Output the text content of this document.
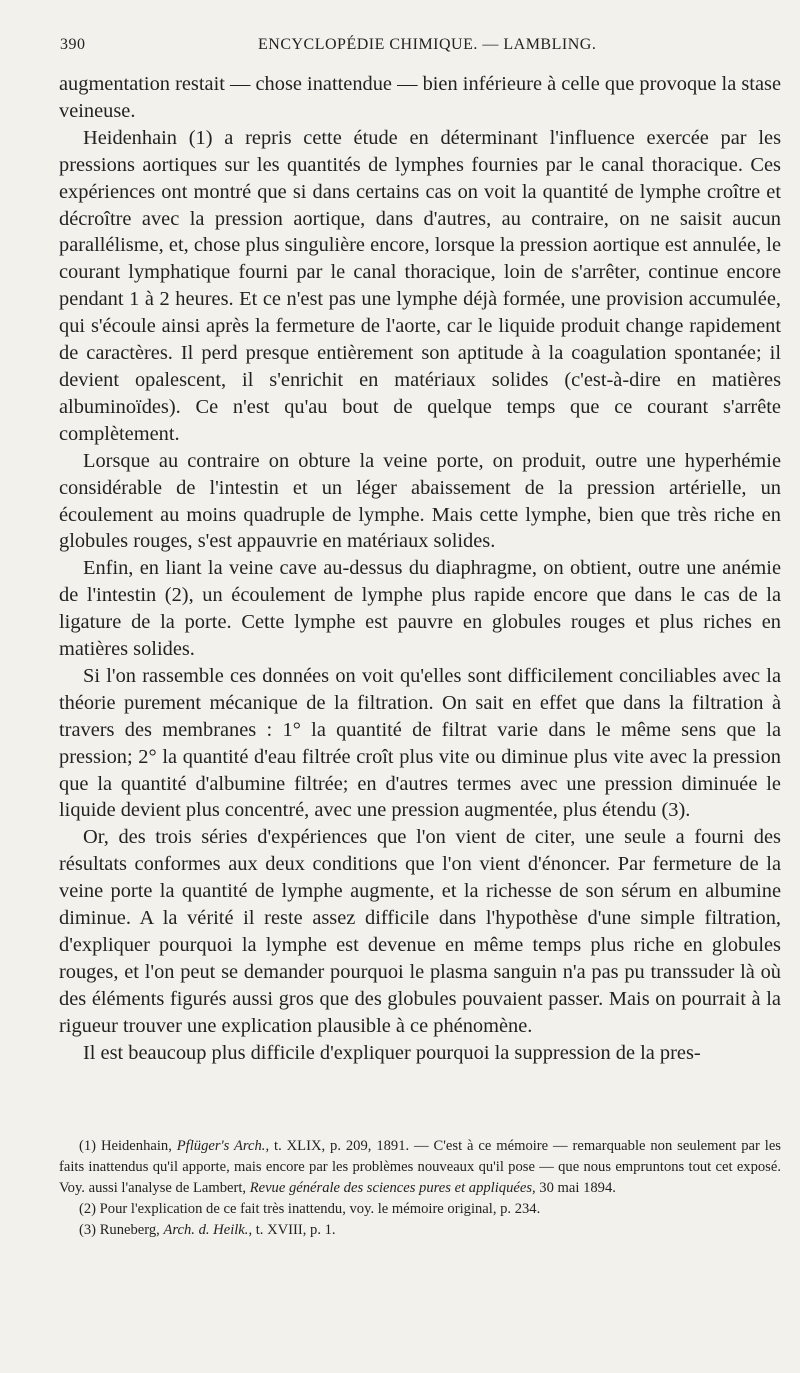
390	ENCYCLOPÉDIE CHIMIQUE. — LAMBLING.

augmentation restait — chose inattendue — bien inférieure à celle que provoque la stase veineuse.

Heidenhain (1) a repris cette étude en déterminant l'influence exercée par les pressions aortiques sur les quantités de lymphes fournies par le canal thoracique. Ces expériences ont montré que si dans certains cas on voit la quantité de lymphe croître et décroître avec la pression aortique, dans d'autres, au contraire, on ne saisit aucun parallélisme, et, chose plus singulière encore, lorsque la pression aortique est annulée, le courant lymphatique fourni par le canal thoracique, loin de s'arrêter, continue encore pendant 1 à 2 heures. Et ce n'est pas une lymphe déjà formée, une provision accumulée, qui s'écoule ainsi après la fermeture de l'aorte, car le liquide produit change rapidement de caractères. Il perd presque entièrement son aptitude à la coagulation spontanée; il devient opalescent, il s'enrichit en matériaux solides (c'est-à-dire en matières albuminoïdes). Ce n'est qu'au bout de quelque temps que ce courant s'arrête complètement.

Lorsque au contraire on obture la veine porte, on produit, outre une hyperhémie considérable de l'intestin et un léger abaissement de la pression artérielle, un écoulement au moins quadruple de lymphe. Mais cette lymphe, bien que très riche en globules rouges, s'est appauvrie en matériaux solides.

Enfin, en liant la veine cave au-dessus du diaphragme, on obtient, outre une anémie de l'intestin (2), un écoulement de lymphe plus rapide encore que dans le cas de la ligature de la porte. Cette lymphe est pauvre en globules rouges et plus riches en matières solides.

Si l'on rassemble ces données on voit qu'elles sont difficilement conciliables avec la théorie purement mécanique de la filtration. On sait en effet que dans la filtration à travers des membranes : 1° la quantité de filtrat varie dans le même sens que la pression; 2° la quantité d'eau filtrée croît plus vite ou diminue plus vite avec la pression que la quantité d'albumine filtrée; en d'autres termes avec une pression diminuée le liquide devient plus concentré, avec une pression augmentée, plus étendu (3).

Or, des trois séries d'expériences que l'on vient de citer, une seule a fourni des résultats conformes aux deux conditions que l'on vient d'énoncer. Par fermeture de la veine porte la quantité de lymphe augmente, et la richesse de son sérum en albumine diminue. A la vérité il reste assez difficile dans l'hypothèse d'une simple filtration, d'expliquer pourquoi la lymphe est devenue en même temps plus riche en globules rouges, et l'on peut se demander pourquoi le plasma sanguin n'a pas pu transsuder là où des éléments figurés aussi gros que des globules pouvaient passer. Mais on pourrait à la rigueur trouver une explication plausible à ce phénomène.

Il est beaucoup plus difficile d'expliquer pourquoi la suppression de la pres-

(1) Heidenhain, Pflüger's Arch., t. XLIX, p. 209, 1891. — C'est à ce mémoire — remarquable non seulement par les faits inattendus qu'il apporte, mais encore par les problèmes nouveaux qu'il pose — que nous empruntons tout cet exposé. Voy. aussi l'analyse de Lambert, Revue générale des sciences pures et appliquées, 30 mai 1894.

(2) Pour l'explication de ce fait très inattendu, voy. le mémoire original, p. 234.

(3) Runeberg, Arch. d. Heilk., t. XVIII, p. 1.
